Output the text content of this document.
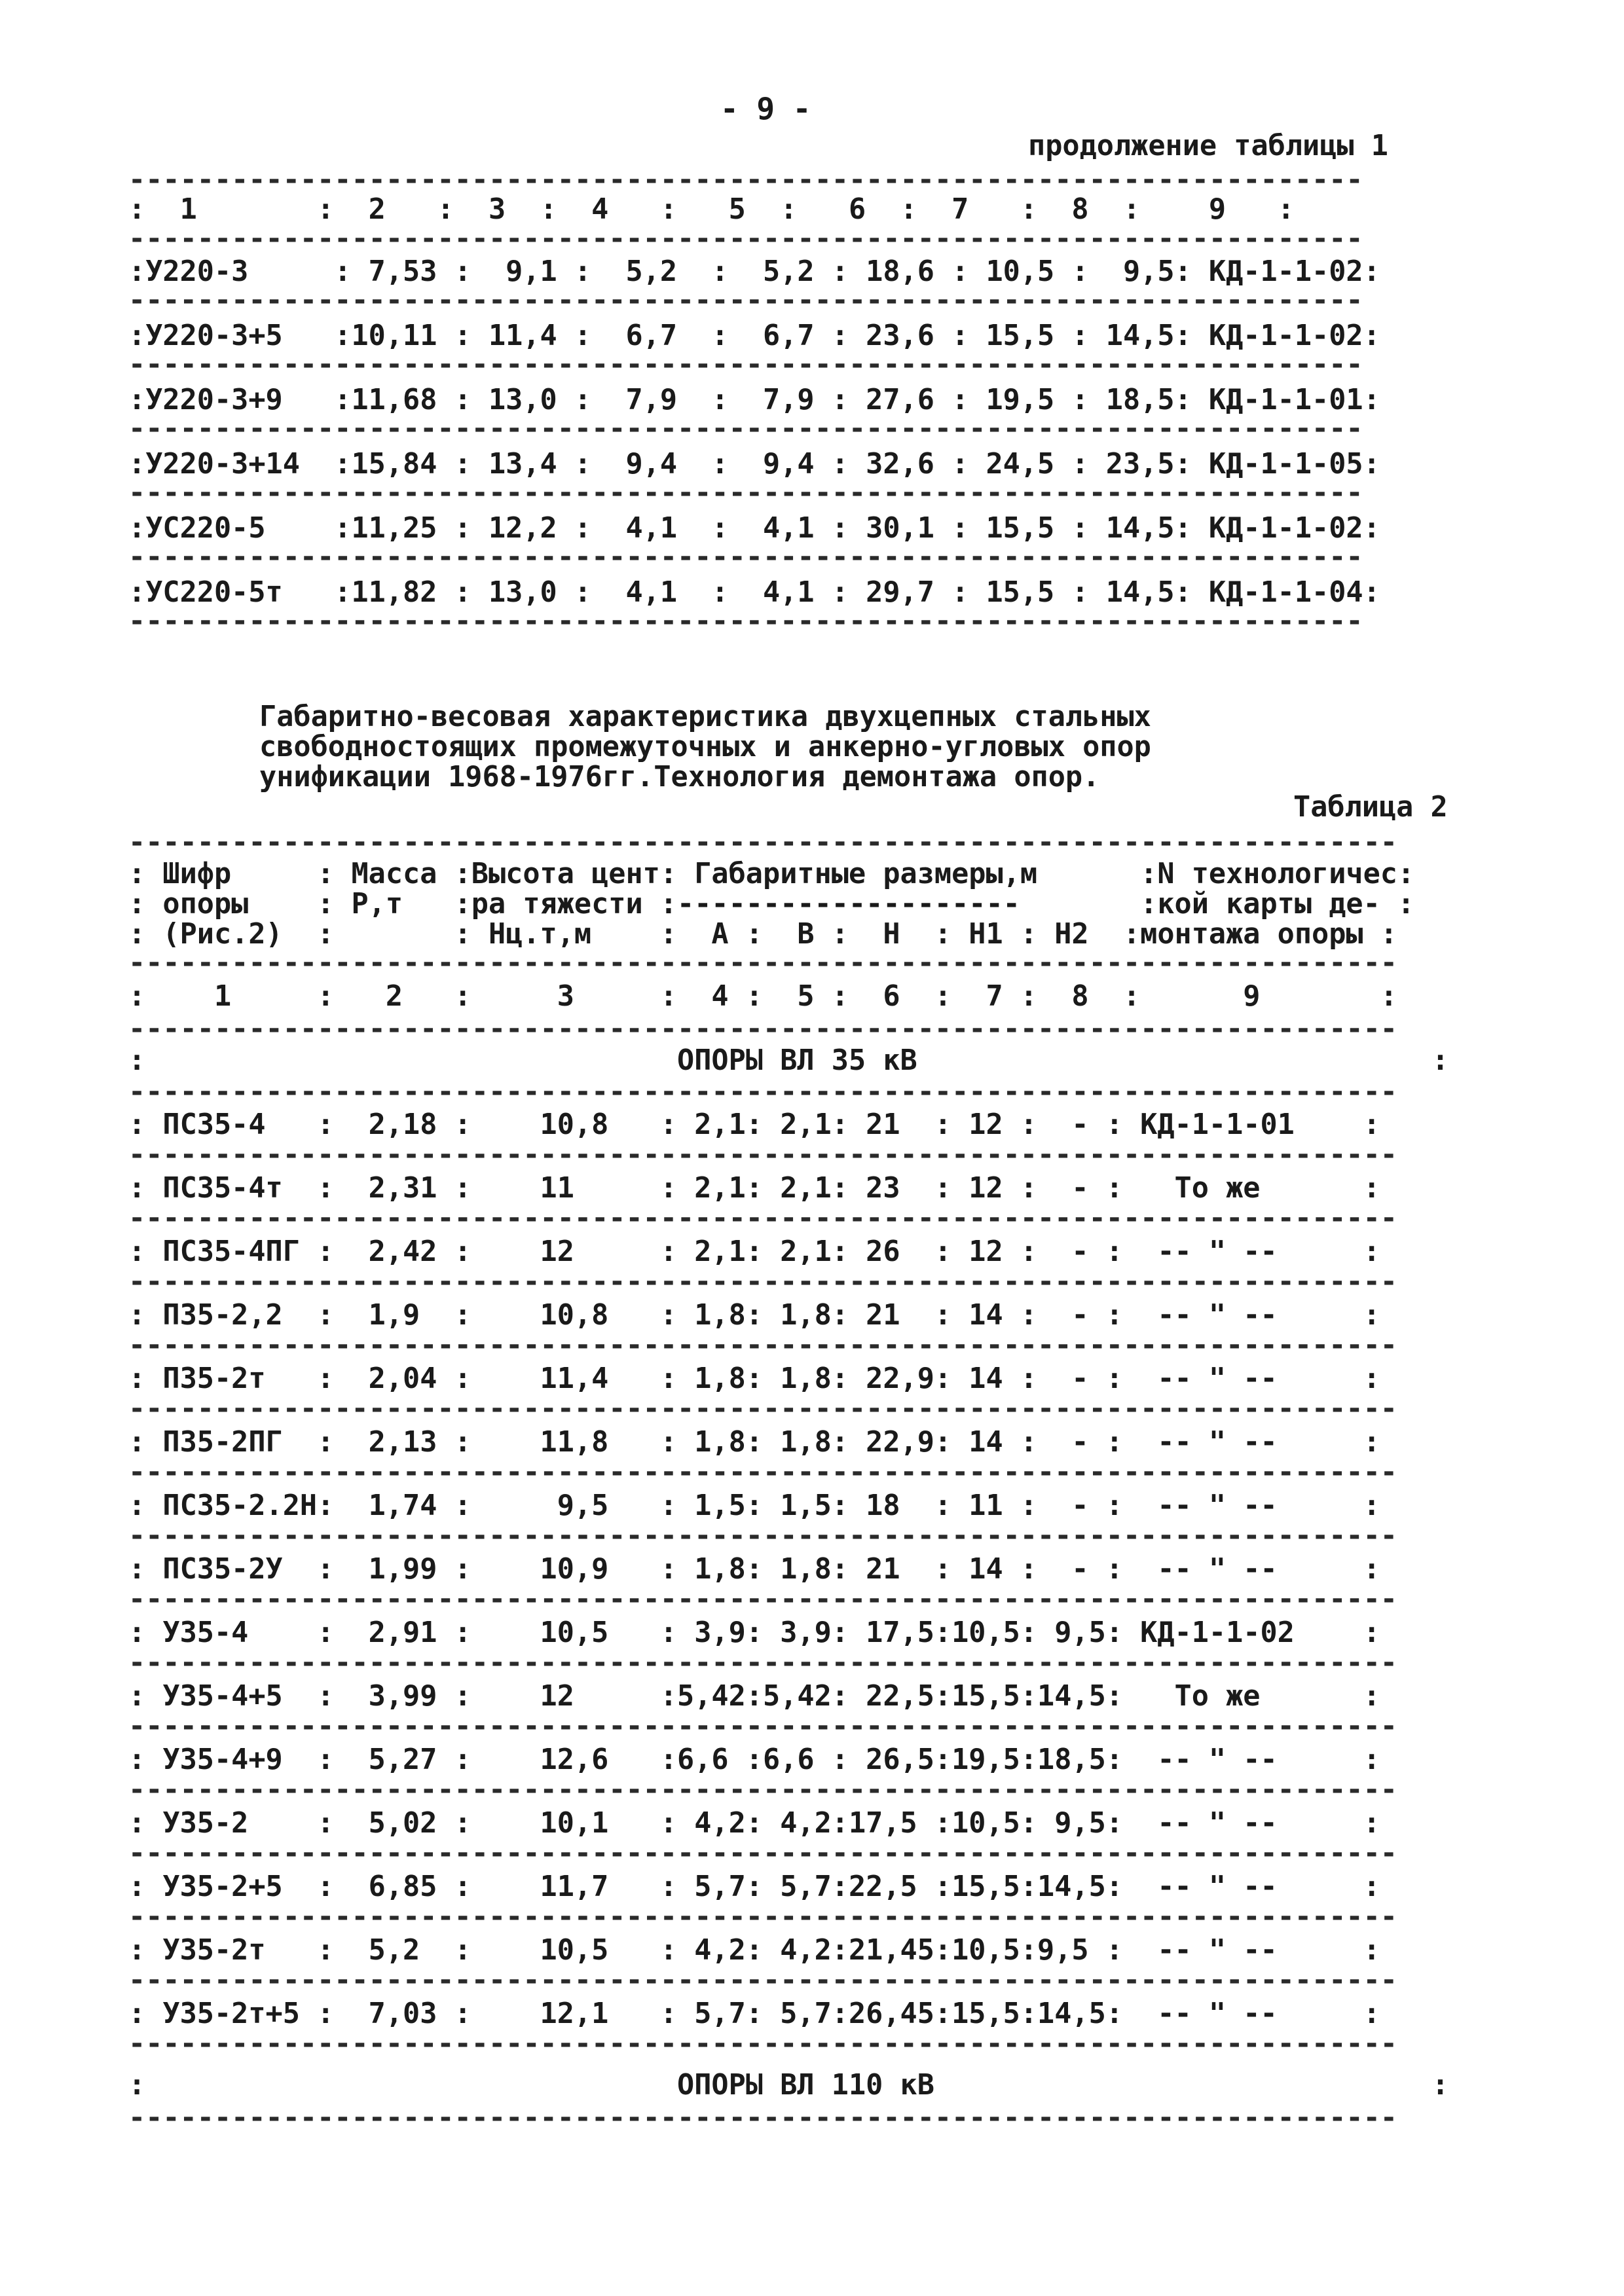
- 9 -
продолжение таблицы 1
------------------------------------------------------------------------
:  1       :  2   :  3  :  4   :   5  :   6  :  7   :  8  :    9   :
------------------------------------------------------------------------
:У220-3     : 7,53 :  9,1 :  5,2  :  5,2 : 18,6 : 10,5 :  9,5: КД-1-1-02:
------------------------------------------------------------------------
:У220-3+5   :10,11 : 11,4 :  6,7  :  6,7 : 23,6 : 15,5 : 14,5: КД-1-1-02:
------------------------------------------------------------------------
:У220-3+9   :11,68 : 13,0 :  7,9  :  7,9 : 27,6 : 19,5 : 18,5: КД-1-1-01:
------------------------------------------------------------------------
:У220-3+14  :15,84 : 13,4 :  9,4  :  9,4 : 32,6 : 24,5 : 23,5: КД-1-1-05:
------------------------------------------------------------------------
:УС220-5    :11,25 : 12,2 :  4,1  :  4,1 : 30,1 : 15,5 : 14,5: КД-1-1-02:
------------------------------------------------------------------------
:УС220-5т   :11,82 : 13,0 :  4,1  :  4,1 : 29,7 : 15,5 : 14,5: КД-1-1-04:
------------------------------------------------------------------------
Габаритно-весовая характеристика двухцепных стальных
свободностоящих промежуточных и анкерно-угловых опор
унификации 1968-1976гг.Технология демонтажа опор.
Таблица 2
--------------------------------------------------------------------------
: Шифр     : Масса :Высота цент: Габаритные размеры,м      :N технологичес:
: опоры    : Р,т   :ра тяжести :--------------------       :кой карты де- :
: (Рис.2)  :       : Нц.т,м    :  А :  В :  Н  : Н1 : Н2  :монтажа опоры :
--------------------------------------------------------------------------
:    1     :   2   :     3     :  4 :  5 :  6  :  7 :  8  :      9       :
--------------------------------------------------------------------------
:                               ОПОРЫ ВЛ 35 кВ                              :
--------------------------------------------------------------------------
: ПС35-4   :  2,18 :    10,8   : 2,1: 2,1: 21  : 12 :  - : КД-1-1-01    :
--------------------------------------------------------------------------
: ПС35-4т  :  2,31 :    11     : 2,1: 2,1: 23  : 12 :  - :   То же      :
--------------------------------------------------------------------------
: ПС35-4ПГ :  2,42 :    12     : 2,1: 2,1: 26  : 12 :  - :  -- " --     :
--------------------------------------------------------------------------
: П35-2,2  :  1,9  :    10,8   : 1,8: 1,8: 21  : 14 :  - :  -- " --     :
--------------------------------------------------------------------------
: П35-2т   :  2,04 :    11,4   : 1,8: 1,8: 22,9: 14 :  - :  -- " --     :
--------------------------------------------------------------------------
: П35-2ПГ  :  2,13 :    11,8   : 1,8: 1,8: 22,9: 14 :  - :  -- " --     :
--------------------------------------------------------------------------
: ПС35-2.2Н:  1,74 :     9,5   : 1,5: 1,5: 18  : 11 :  - :  -- " --     :
--------------------------------------------------------------------------
: ПС35-2У  :  1,99 :    10,9   : 1,8: 1,8: 21  : 14 :  - :  -- " --     :
--------------------------------------------------------------------------
: У35-4    :  2,91 :    10,5   : 3,9: 3,9: 17,5:10,5: 9,5: КД-1-1-02    :
--------------------------------------------------------------------------
: У35-4+5  :  3,99 :    12     :5,42:5,42: 22,5:15,5:14,5:   То же      :
--------------------------------------------------------------------------
: У35-4+9  :  5,27 :    12,6   :6,6 :6,6 : 26,5:19,5:18,5:  -- " --     :
--------------------------------------------------------------------------
: У35-2    :  5,02 :    10,1   : 4,2: 4,2:17,5 :10,5: 9,5:  -- " --     :
--------------------------------------------------------------------------
: У35-2+5  :  6,85 :    11,7   : 5,7: 5,7:22,5 :15,5:14,5:  -- " --     :
--------------------------------------------------------------------------
: У35-2т   :  5,2  :    10,5   : 4,2: 4,2:21,45:10,5:9,5 :  -- " --     :
--------------------------------------------------------------------------
: У35-2т+5 :  7,03 :    12,1   : 5,7: 5,7:26,45:15,5:14,5:  -- " --     :
--------------------------------------------------------------------------
:                               ОПОРЫ ВЛ 110 кВ                             :
--------------------------------------------------------------------------
